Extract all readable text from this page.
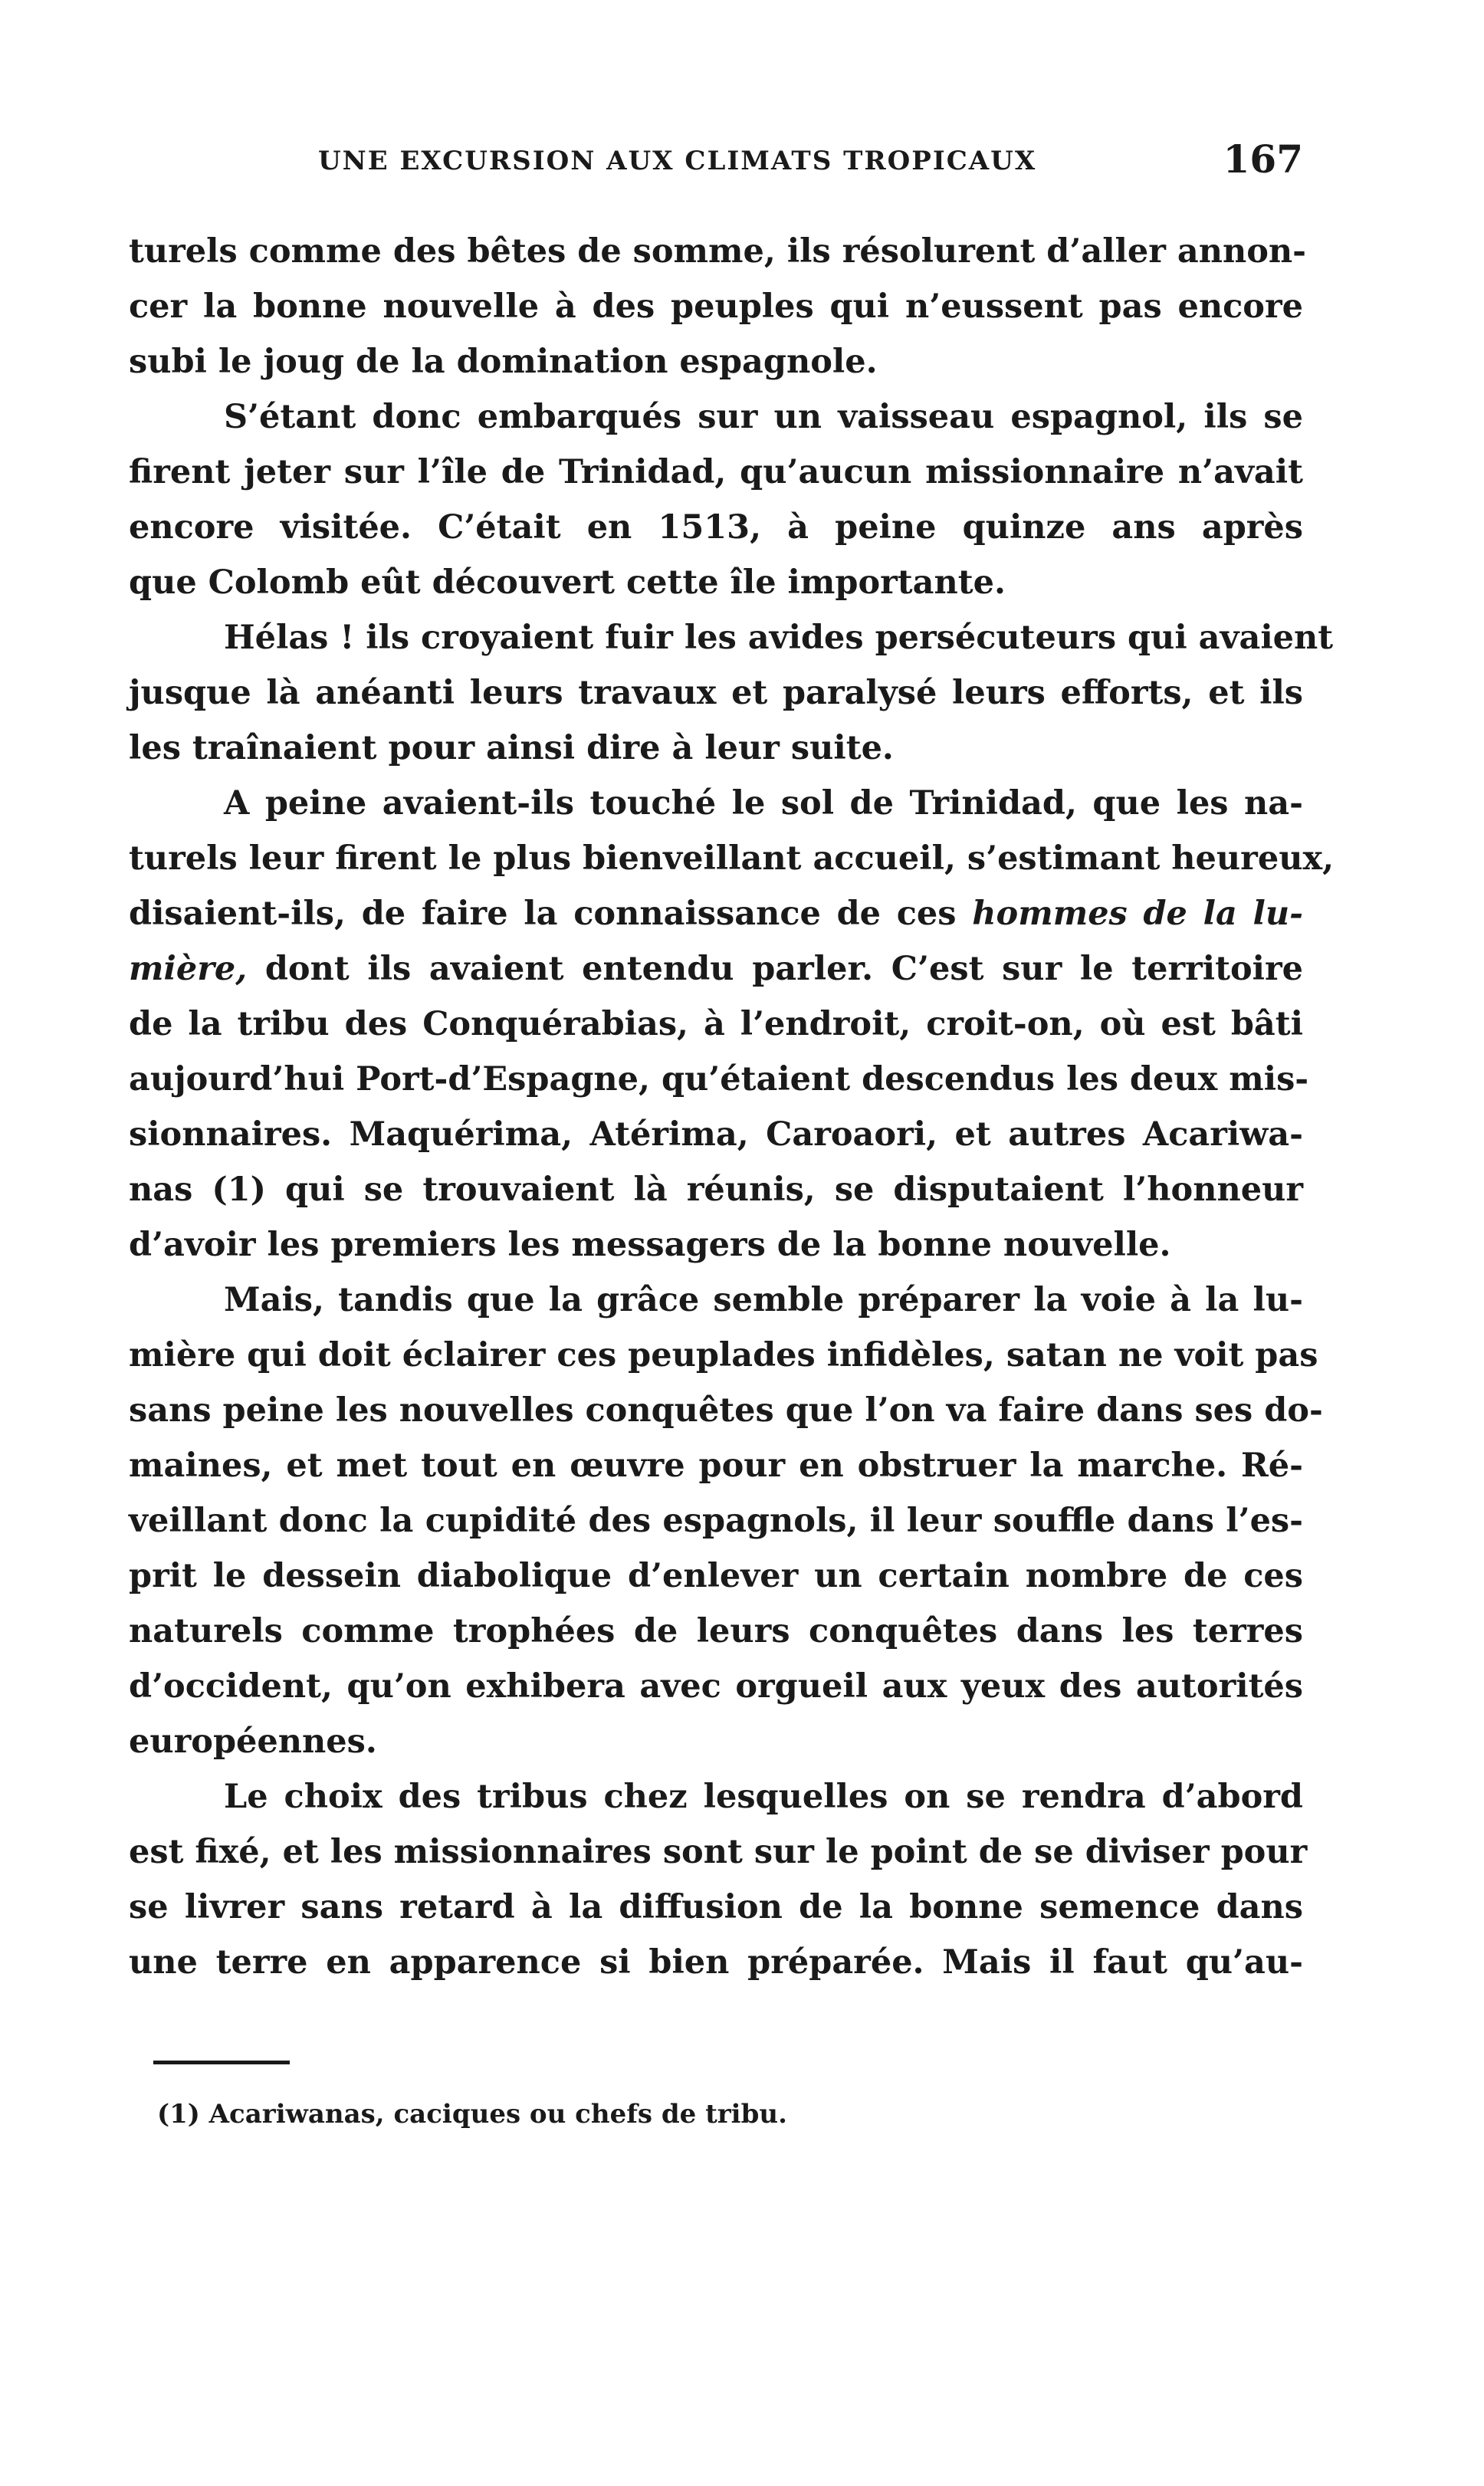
UNE EXCURSION AUX CLIMATS TROPICAUX	167
turels comme des bêtes de somme, ils résolurent d’aller annon-
cer la bonne nouvelle à des peuples qui n’eussent pas encore
subi le joug de la domination espagnole.
S’étant donc embarqués sur un vaisseau espagnol, ils se
firent jeter sur l’île de Trinidad, qu’aucun missionnaire n’avait
encore visitée. C’était en 1513, à peine quinze ans après
que Colomb eût découvert cette île importante.
Hélas ! ils croyaient fuir les avides persécuteurs qui avaient
jusque là anéanti leurs travaux et paralysé leurs efforts, et ils
les traînaient pour ainsi dire à leur suite.
A peine avaient-ils touché le sol de Trinidad, que les na-
turels leur firent le plus bienveillant accueil, s’estimant heureux,
disaient-ils, de faire la connaissance de ces hommes de la lu-
mière, dont ils avaient entendu parler. C’est sur le territoire
de la tribu des Conquérabias, à l’endroit, croit-on, où est bâti
aujourd’hui Port-d’Espagne, qu’étaient descendus les deux mis-
sionnaires. Maquérima, Atérima, Caroaori, et autres Acariwa-
nas (1) qui se trouvaient là réunis, se disputaient l’honneur
d’avoir les premiers les messagers de la bonne nouvelle.
Mais, tandis que la grâce semble préparer la voie à la lu-
mière qui doit éclairer ces peuplades infidèles, satan ne voit pas
sans peine les nouvelles conquêtes que l’on va faire dans ses do-
maines, et met tout en œuvre pour en obstruer la marche. Ré-
veillant donc la cupidité des espagnols, il leur souffle dans l’es-
prit le dessein diabolique d’enlever un certain nombre de ces
naturels comme trophées de leurs conquêtes dans les terres
d’occident, qu’on exhibera avec orgueil aux yeux des autorités
européennes.
Le choix des tribus chez lesquelles on se rendra d’abord
est fixé, et les missionnaires sont sur le point de se diviser pour
se livrer sans retard à la diffusion de la bonne semence dans
une terre en apparence si bien préparée. Mais il faut qu’au-
(1) Acariwanas, caciques ou chefs de tribu.
